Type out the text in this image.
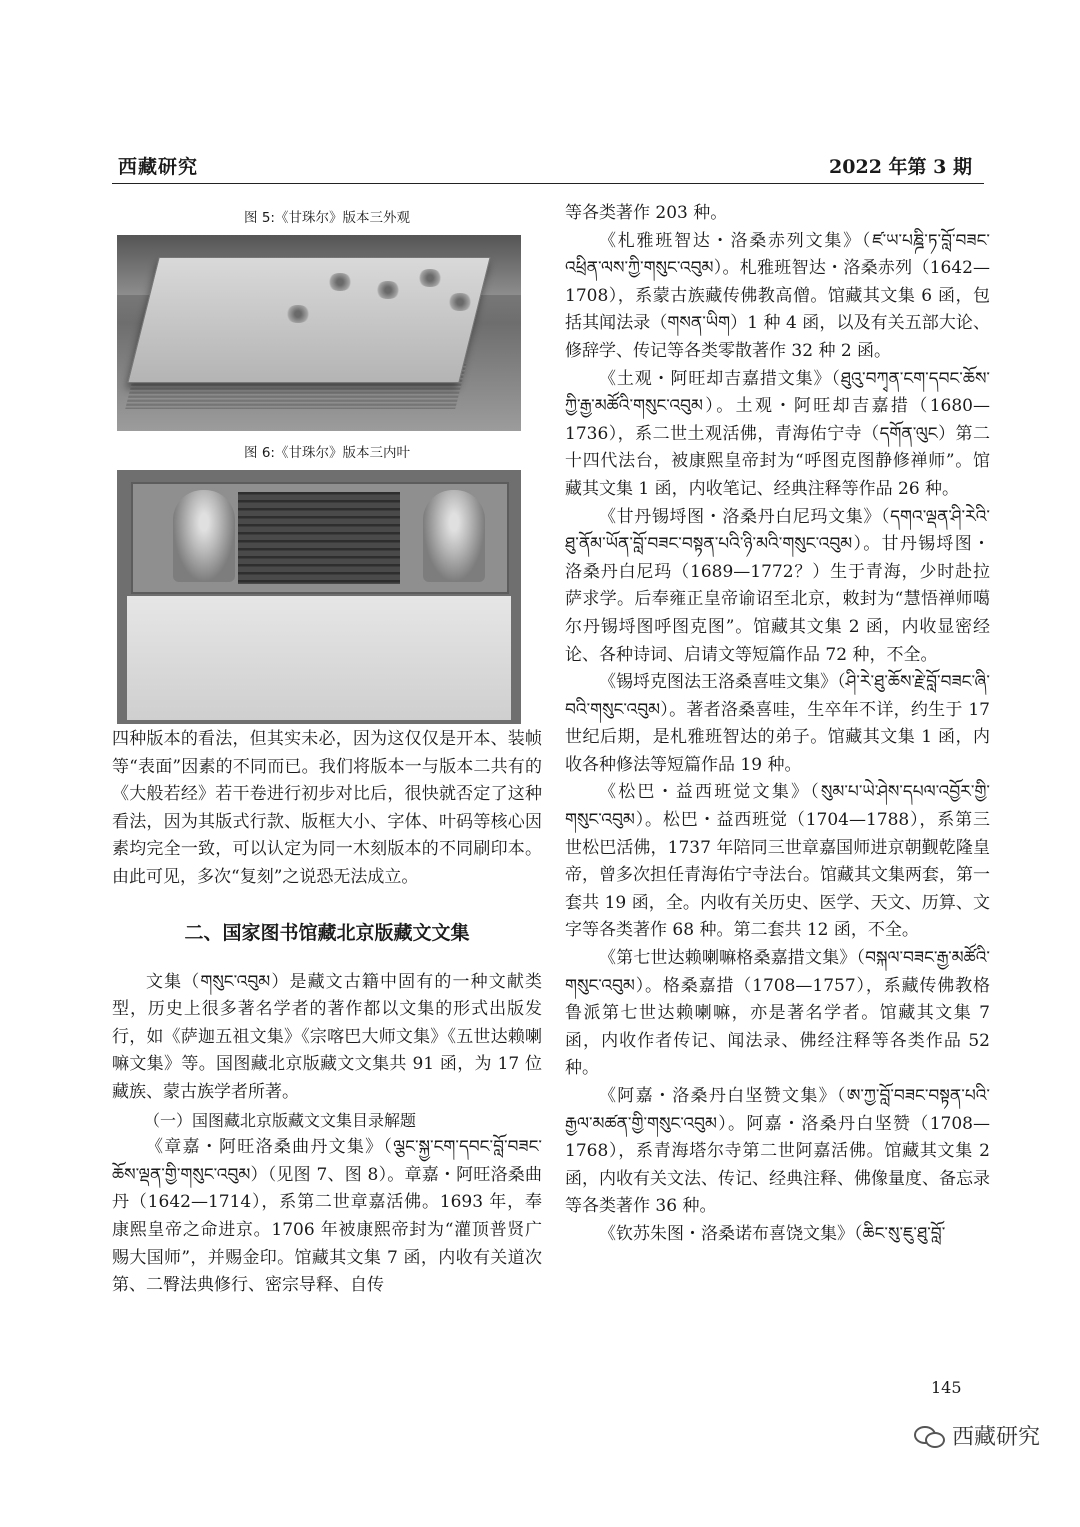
西藏研究	2022 年第 3 期
图 5:《甘珠尔》版本三外观
图 6:《甘珠尔》版本三内叶

四种版本的看法，但其实未必，因为这仅仅是开本、装帧等“表面”因素的不同而已。我们将版本一与版本二共有的《大般若经》若干卷进行初步对比后，很快就否定了这种看法，因为其版式行款、版框大小、字体、叶码等核心因素均完全一致，可以认定为同一木刻版本的不同刷印本。由此可见，多次“复刻”之说恐无法成立。

二、国家图书馆藏北京版藏文文集

文集（གསུང་འབུམ）是藏文古籍中固有的一种文献类型，历史上很多著名学者的著作都以文集的形式出版发行，如《萨迦五祖文集》《宗喀巴大师文集》《五世达赖喇嘛文集》等。国图藏北京版藏文文集共 91 函，为 17 位藏族、蒙古族学者所著。

（一）国图藏北京版藏文文集目录解题

《章嘉・阿旺洛桑曲丹文集》（ལྕང་སྐྱ་ངག་དབང་བློ་བཟང་ཆོས་ལྡན་གྱི་གསུང་འབུམ）（见图 7、图 8）。章嘉・阿旺洛桑曲丹（1642—1714），系第二世章嘉活佛。1693 年，奉康熙皇帝之命进京。1706 年被康熙帝封为“灌顶普贤广赐大国师”，并赐金印。馆藏其文集 7 函，内收有关道次第、二臀法典修行、密宗导释、自传

等各类著作 203 种。

《札雅班智达・洛桑赤列文集》（ཛ་ཡ་པཎྜི་ཏ་བློ་བཟང་འཕྲིན་ལས་ཀྱི་གསུང་འབུམ）。札雅班智达・洛桑赤列（1642—1708），系蒙古族藏传佛教高僧。馆藏其文集 6 函，包括其闻法录（གསན་ཡིག）1 种 4 函，以及有关五部大论、修辞学、传记等各类零散著作 32 种 2 函。

《土观・阿旺却吉嘉措文集》（ཐུའུ་བཀྭན་ངག་དབང་ཆོས་ཀྱི་རྒྱ་མཚོའི་གསུང་འབུམ）。土观・阿旺却吉嘉措（1680—1736），系二世土观活佛，青海佑宁寺（དགོན་ལུང）第二十四代法台，被康熙皇帝封为“呼图克图静修禅师”。馆藏其文集 1 函，内收笔记、经典注释等作品 26 种。

《甘丹锡埒图・洛桑丹白尼玛文集》（དགའ་ལྡན་ཤི་རེའི་ཐུ་ནོམ་ཡོན་བློ་བཟང་བསྟན་པའི་ཉི་མའི་གསུང་འབུམ）。甘丹锡埒图・洛桑丹白尼玛（1689—1772？）生于青海，少时赴拉萨求学。后奉雍正皇帝谕诏至北京，敕封为“慧悟禅师噶尔丹锡埒图呼图克图”。馆藏其文集 2 函，内收显密经论、各种诗词、启请文等短篇作品 72 种，不全。

《锡埒克图法王洛桑喜哇文集》（ཤི་རེ་ཐུ་ཆོས་རྗེ་བློ་བཟང་ཞི་བའི་གསུང་འབུམ）。著者洛桑喜哇，生卒年不详，约生于 17 世纪后期，是札雅班智达的弟子。馆藏其文集 1 函，内收各种修法等短篇作品 19 种。

《松巴・益西班觉文集》（སུམ་པ་ཡེ་ཤེས་དཔལ་འབྱོར་གྱི་གསུང་འབུམ）。松巴・益西班觉（1704—1788），系第三世松巴活佛，1737 年陪同三世章嘉国师进京朝觐乾隆皇帝，曾多次担任青海佑宁寺法台。馆藏其文集两套，第一套共 19 函，全。内收有关历史、医学、天文、历算、文字等各类著作 68 种。第二套共 12 函，不全。

《第七世达赖喇嘛格桑嘉措文集》（བསྐལ་བཟང་རྒྱ་མཚོའི་གསུང་འབུམ）。格桑嘉措（1708—1757），系藏传佛教格鲁派第七世达赖喇嘛，亦是著名学者。馆藏其文集 7 函，内收作者传记、闻法录、佛经注释等各类作品 52 种。

《阿嘉・洛桑丹白坚赞文集》（ཨ་ཀྱ་བློ་བཟང་བསྟན་པའི་རྒྱལ་མཚན་གྱི་གསུང་འབུམ）。阿嘉・洛桑丹白坚赞（1708—1768），系青海塔尔寺第二世阿嘉活佛。馆藏其文集 2 函，内收有关文法、传记、经典注释、佛像量度、备忘录等各类著作 36 种。

《钦苏朱图・洛桑诺布喜饶文集》（ཆིང་སུ་ཇུ་ཐུ་བློ་

145
西藏研究
